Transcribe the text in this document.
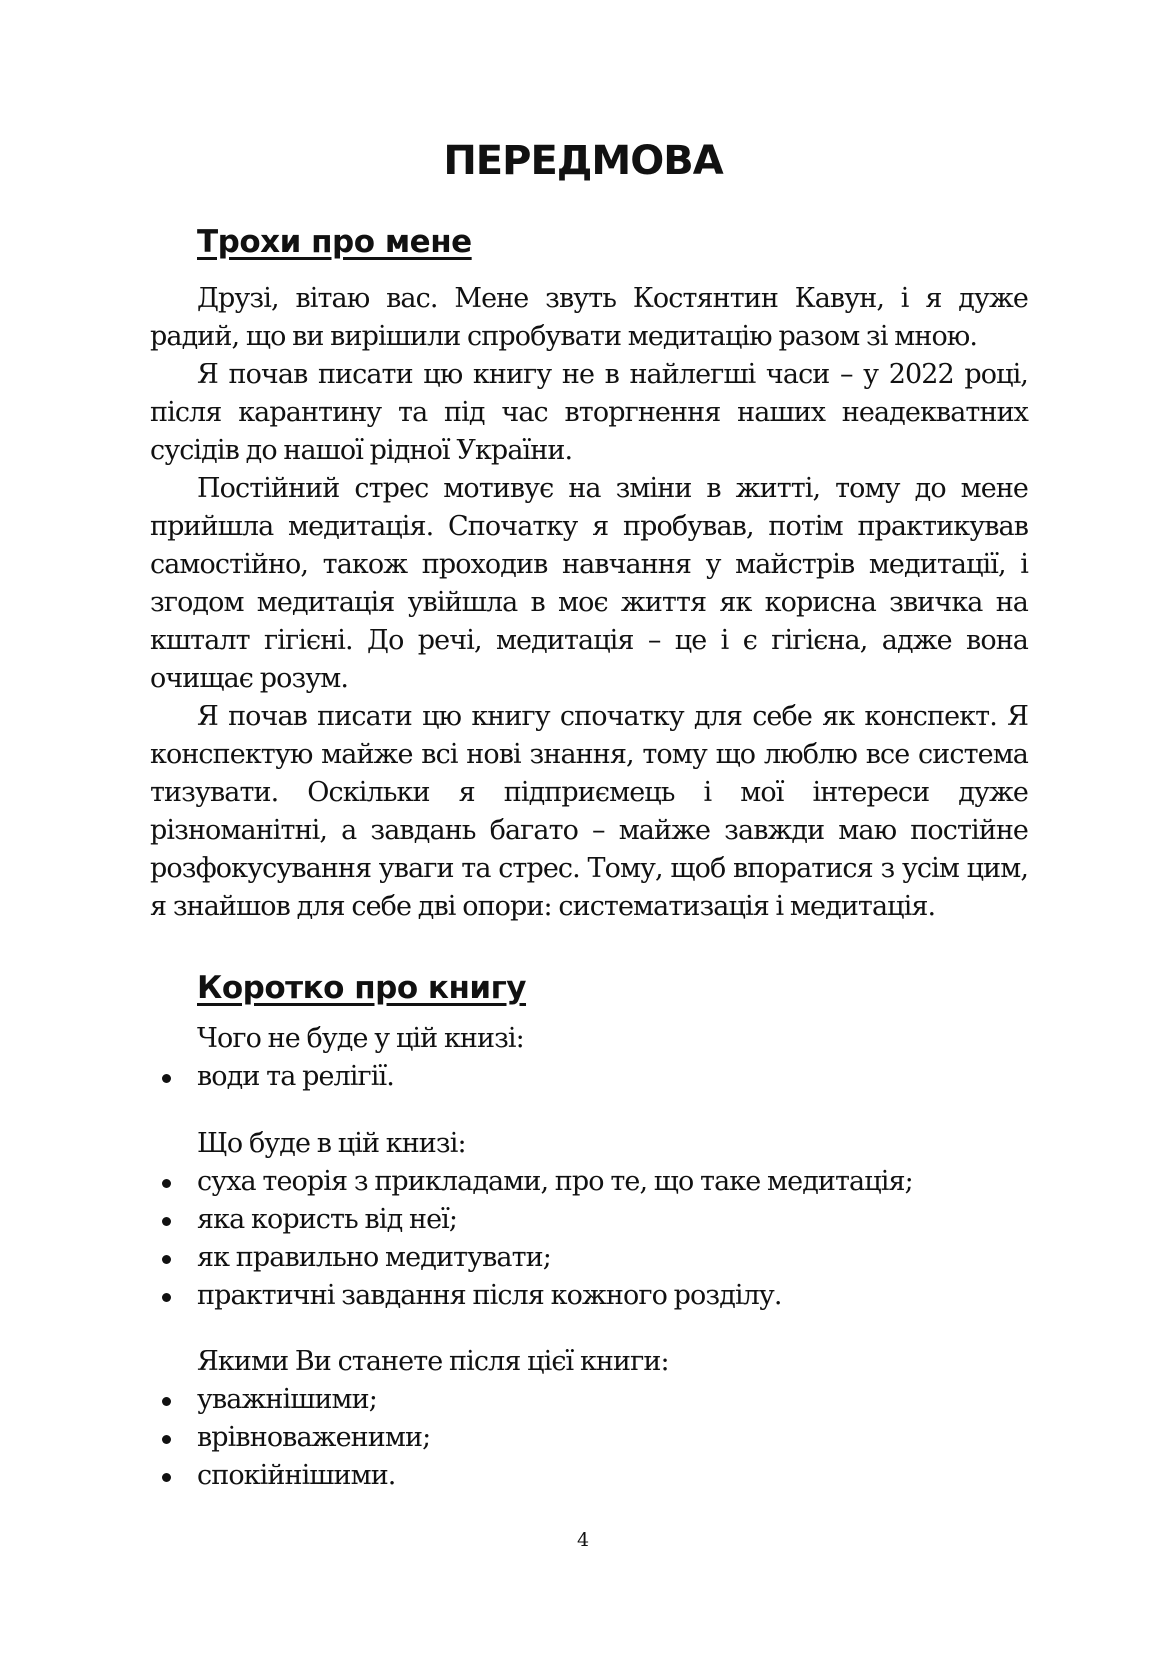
ПЕРЕДМОВА
Трохи про мене

Друзі, вітаю вас. Мене звуть Костянтин Кавун, і я дуже радий, що ви вирішили спробувати медитацію разом зі мною.

Я почав писати цю книгу не в найлегші часи – у 2022 році, після карантину та під час вторгнення наших неадекватних сусідів до нашої рідної України.

Постійний стрес мотивує на зміни в житті, тому до мене прийшла медитація. Спочатку я пробував, потім практикував самостійно, також проходив навчання у майстрів медитації, і згодом медитація увійшла в моє життя як корисна звичка на кшталт гігієні. До речі, медитація – це і є гігієна, адже вона очищає розум.

Я почав писати цю книгу спочатку для себе як конспект. Я конспектую майже всі нові знання, тому що люблю все система тизувати. Оскільки я підприємець і мої інтереси дуже різноманітні, а завдань багато – майже завжди маю постійне розфокусування уваги та стрес. Тому, щоб впоратися з усім цим, я знайшов для себе дві опори: систематизація і медитація.

Коротко про книгу

Чого не буде у цій книзі:

води та релігії.

Що буде в цій книзі:

суха теорія з прикладами, про те, що таке медитація;
яка користь від неї;
як правильно медитувати;
практичні завдання після кожного розділу.

Якими Ви станете після цієї книги:

уважнішими;
врівноваженими;
спокійнішими.

4
